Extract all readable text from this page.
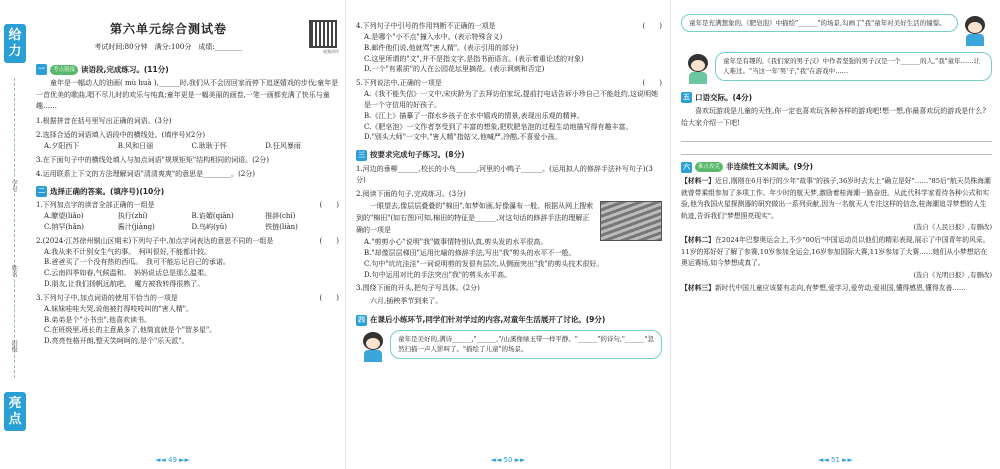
给力
学号
姓名
班级
亮点
视频讲评
第六单元综合测试卷
考试时间:80分钟　满分:100分　成绩:________
一	考点链接 读语段,完成练习。(11分)

童年是一幅动人的油画( mù huà ),______时,我们从不会因回家而停下追逐嬉戏的步伐;童年是一首优美的歌曲,唱不尽儿时的欢乐与纯真;童年更是一幅美丽的画卷,一笔一画都充满了快乐与童趣……

1.根据拼音在括号里写出正确的词语。(3分)
2.选择合适的词语填入语段中的横线处。(填序号)(2分)
A.夕阳西下	B.风和日丽	C.耿耿于怀	D.狂风暴雨
3.在下面句子中的横线处填入与加点词语"规规矩矩"结构相同的词语。(2分)
4.运用联系上下文的方法理解词语"清清爽爽"的意思是________。(2分)
二 选择正确的答案。(填序号)(10分)
1.下列加点字的读音全部正确的一组是	(　　)
A.瞭望(liǎo)	执行(zhí)	B.谄媚(qiān)	推辞(chí)
C.纳罕(hǎn)	酱汁(jiàng)	D.鸟屿(yǔ)	铁链(liàn)
2.(2024·江苏徐州铜山区期末)下列句子中,加点字词表达的意思不同的一组是	(　　)
A.我从来不计别女生气的事。　柯叫很好,不能都计较。
B.爸爸买了一个没有热的西瓜。　我可不能忘记自己的承诺。
C.云南四季如春,气候温和。　妈妈说话总是那么温柔。
D.朋友,让我们扬帆远航吧。　魔方被我转得很熟了。
3.下列句子中,加点词语的使用不恰当的一项是	(　　)
A.妹妹哇哇大哭,说他被打得吱吱叫的"害人精"。
B.弟弟是个"小书虫",他喜欢读书。
C.在班级里,班长的主意最多了,他简直就是个"智多星"。
D.亮亮性格开朗,整天笑呵呵的,是个"乐天派"。
◄◄ 49 ►►
4.下列句子中引号的作用判断不正确的一项是	(　　)
A.是哪个"小不点"撞入水中。(表示特殊含义)
B.邮件他们说,他就骂"害人精"。(表示引用的部分)
C.这里所谓的"文",并不是指文字,是指书面语言。(表示着重论述的对象)
D.一个"有素质"的人在公园花坛里摘花。(表示讽刺和否定)
5.下列说法中,正确的一项是	(　　)
A.《我不能失信》一文中,宋庆龄为了去拜访伯家玩,提前打电话告诉小珍自己不能赴约,这说明她是一个守信用的好孩子。
B.《江上》描摹了一群水乡孩子在水中嬉戏的情景,表现出乐观的精神。
C.《肥皂泡》一文作者享受到了丰富的想象,把吹肥皂泡的过程生动地描写得有趣丰富。
D."别头大师"一文中,"害人精"指姑父,他喊严,冷酷,不喜爱小孩。
三 按要求完成句子练习。(8分)
1.河边的垂柳______,校长的小鸟______,河里的小鸭子______。(运用拟人的修辞手法补写句子)(3分)
2.阅读下面的句子,完成练习。(3分)

一眼望去,像层层叠叠的"棉田",如梦如画,好像瀑布一般。根据从网上搜索到的"棉田"(如右图)可知,棉田的特征是______,对这句话的修辞手法的理解正确的一项是

A."剪剪小心"说明"我"做事情特别认真,剪头发的水平很高。
B."却像层层梯田"运用比喻的修辞手法,写出"我"剪头的水平不一般。
C.句中"坑坑洼洼"一词说明剪的发很有层次,从侧面突出"我"的剪头技术很好。
D.句中运用对比的手法突出"我"的剪头水平高。
3.围绕下面的开头,把句子写具体。(2分)

六月,插秧季节到来了。

四 在课后小练环节,同学们针对学过的内容,对童年生活展开了讨论。(9分)
童年是美好的,满诗______,"______,"/山溪像绿玉带一样平静。"______"的诗句,"______"忽然扫描一声人影叫了。"描绘了儿童"的场景。
◄◄ 50 ►►
童年是充满想象的,《肥皂泡》中描绘"______"的场景,勾画了"我"童年对美好生活的憧憬。
童年是有趣的,《我们家的男子汉》中作者坚强的男子汉是一个______的人,"我"童年……让人难过。"当这一年'男'子,"我"在游戏中……
五 口语交际。(4分)

喜欢玩游戏是儿童的天性,你一定也喜欢玩各种各样的游戏吧!想一想,你最喜欢玩的游戏是什么?给大家介绍一下吧!

六	难点攻克 非连续性文本阅读。(9分)
【材料一】近日,刚刚在6月举行的少年"故事"的孩子,36岁时去大上"确立是好"……"85后"航天员株海潮就曾带乘组参加了多项工作。年少时的航天梦,激励着桂海潮一路奋进。从此代科学家看待各种公式和实验,他为我国火星探测器的研究做出一系列贡献,因为一名航天人专注这样的信念,桂海潮追寻梦想的人生轨迹,告诉我们"梦想照亮现实"。
(选自《人民日报》,有删改)
【材料二】在2024年巴黎奥运会上,不少"00后"中国运动员以他们的精彩表现,展示了中国青年的风采。11岁的郑好好了解了参赛,10岁参加全运会,16岁参加国际大赛,11岁参加了大赛……她们从小梦想站在奥运赛场,如今梦想成真了。
(选自《光明日报》,有删改)
【材料三】新时代中国儿童应该要有志向,有梦想,爱学习,爱劳动,爱祖国,懂得感恩,懂得友善……
◄◄ 51 ►►
